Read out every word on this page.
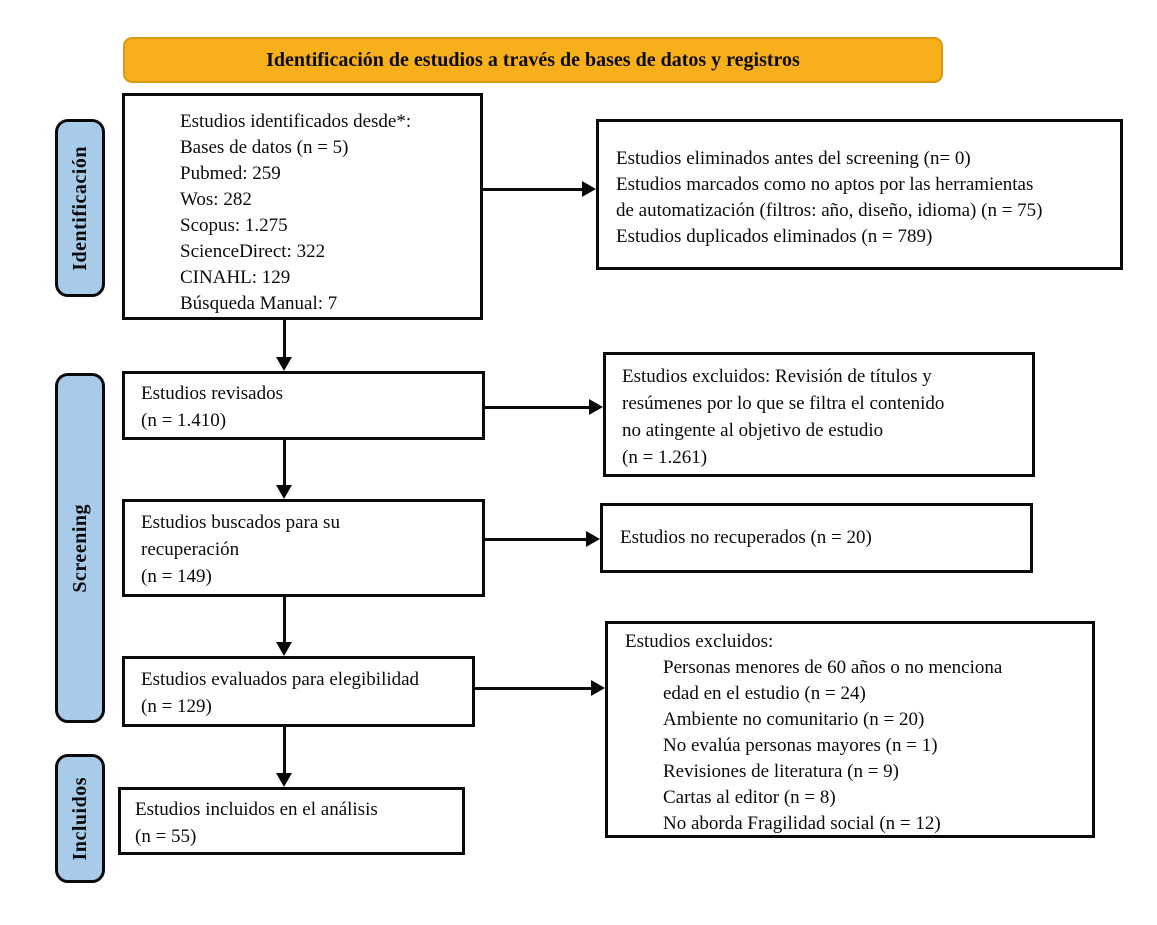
Identificación de estudios a través de bases de datos y registros
Identificación
Screening
Incluidos
Estudios identificados desde*:
Bases de datos (n = 5)
Pubmed: 259
Wos: 282
Scopus: 1.275
ScienceDirect: 322
CINAHL: 129
Búsqueda Manual: 7
Estudios revisados
(n = 1.410)
Estudios buscados para su
recuperación
(n = 149)
Estudios evaluados para elegibilidad
(n = 129)
Estudios incluidos en el análisis
(n = 55)
Estudios eliminados antes del screening (n= 0)
Estudios marcados como no aptos por las herramientas
de automatización (filtros: año, diseño, idioma) (n = 75)
Estudios duplicados eliminados (n = 789)
Estudios excluidos: Revisión de títulos y
resúmenes por lo que se filtra el contenido
no atingente al objetivo de estudio
(n = 1.261)
Estudios no recuperados (n = 20)
Estudios excluidos:
Personas menores de 60 años o no menciona
edad en el estudio (n = 24)
Ambiente no comunitario (n = 20)
No evalúa personas mayores (n = 1)
Revisiones de literatura (n = 9)
Cartas al editor (n = 8)
No aborda Fragilidad social (n = 12)
